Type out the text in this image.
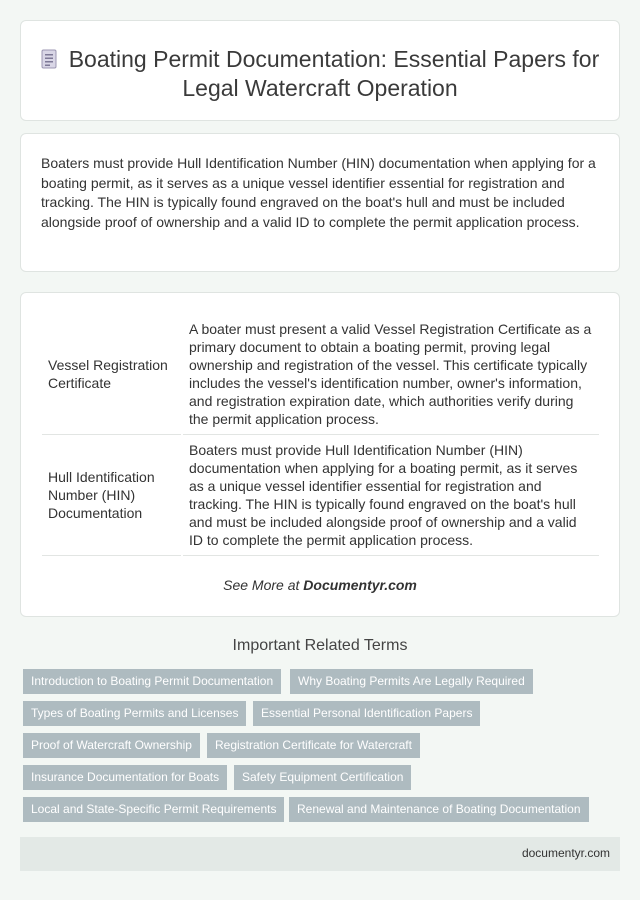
Boating Permit Documentation: Essential Papers for Legal Watercraft Operation

Boaters must provide Hull Identification Number (HIN) documentation when applying for a boating permit, as it serves as a unique vessel identifier essential for registration and tracking. The HIN is typically found engraved on the boat's hull and must be included alongside proof of ownership and a valid ID to complete the permit application process.

Vessel Registration Certificate	A boater must present a valid Vessel Registration Certificate as a primary document to obtain a boating permit, proving legal ownership and registration of the vessel. This certificate typically includes the vessel's identification number, owner's information, and registration expiration date, which authorities verify during the permit application process.
Hull Identification Number (HIN) Documentation	Boaters must provide Hull Identification Number (HIN) documentation when applying for a boating permit, as it serves as a unique vessel identifier essential for registration and tracking. The HIN is typically found engraved on the boat's hull and must be included alongside proof of ownership and a valid ID to complete the permit application process.
See More at Documentyr.com
Important Related Terms
Introduction to Boating Permit Documentation	Why Boating Permits Are Legally Required
Types of Boating Permits and Licenses	Essential Personal Identification Papers
Proof of Watercraft Ownership	Registration Certificate for Watercraft
Insurance Documentation for Boats	Safety Equipment Certification
Local and State-Specific Permit Requirements	Renewal and Maintenance of Boating Documentation
documentyr.com
